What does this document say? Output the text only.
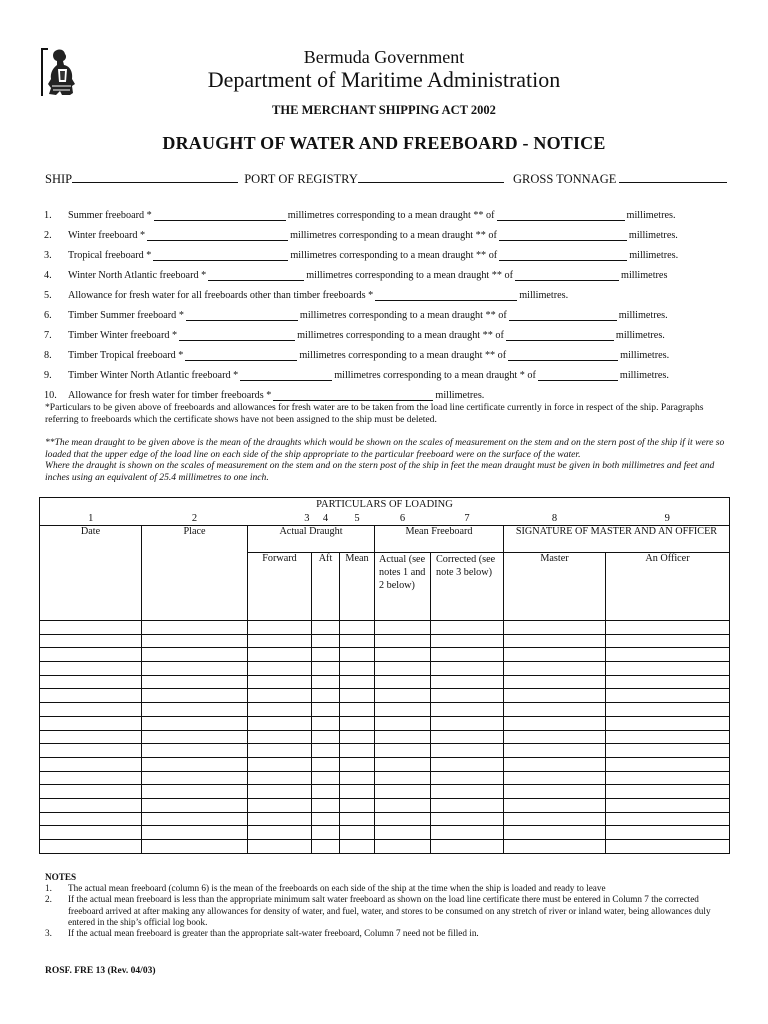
Bermuda Government
Department of Maritime Administration
THE MERCHANT SHIPPING ACT 2002
DRAUGHT OF WATER AND FREEBOARD - NOTICE
SHIP	PORT OF REGISTRY	GROSS TONNAGE
1.	Summer freeboard *	millimetres corresponding to a mean draught ** of	millimetres.
2.	Winter freeboard *	millimetres corresponding to a mean draught ** of	millimetres.
3.	Tropical freeboard *	millimetres corresponding to a mean draught ** of	millimetres.
4.	Winter North Atlantic freeboard *	millimetres corresponding to a mean draught ** of	millimetres
5.	Allowance for fresh water for all freeboards other than timber freeboards *	millimetres.
6.	Timber Summer freeboard *	millimetres corresponding to a mean draught ** of	millimetres.
7.	Timber Winter freeboard *	millimetres corresponding to a mean draught ** of	millimetres.
8.	Timber Tropical freeboard *	millimetres corresponding to a mean draught ** of	millimetres.
9.	Timber Winter North Atlantic freeboard *	millimetres corresponding to a mean draught * of	millimetres.
10.	Allowance for fresh water for timber freeboards *	millimetres.
*Particulars to be given above of freeboards and allowances for fresh water are to be taken from the load line certificate currently in force in respect of the ship. Paragraphs referring to freeboards which the certificate shows have not been assigned to the ship must be deleted.
**The mean draught to be given above is the mean of the draughts which would be shown on the scales of measurement on the stem and on the stern post of the ship if it were so loaded that the upper edge of the load line on each side of the ship appropriate to the particular freeboard were on the surface of the water.
Where the draught is shown on the scales of measurement on the stem and on the stern post of the ship in feet the mean draught must be given in both millimetres and feet and inches using an equivalent of 25.4 millimetres to one inch.
PARTICULARS OF LOADING								
1	2	3	4	5	6	7	8	9
Date	Place	Actual Draught			Mean Freeboard		SIGNATURE OF MASTER AND AN OFFICER	
		Forward	Aft	Mean	Actual (see notes 1 and 2 below)	Corrected (see note 3 below)	Master	An Officer

NOTES
1.	The actual mean freeboard (column 6) is the mean of the freeboards on each side of the ship at the time when the ship is loaded and ready to leave
2.	If the actual mean freeboard is less than the appropriate minimum salt water freeboard as shown on the load line certificate there must be entered in Column 7 the corrected freeboard arrived at after making any allowances for density of water, and fuel, water, and stores to be consumed on any stretch of river or inland water, being allowances duly entered in the ship’s official log book.
3.	If the actual mean freeboard is greater than the appropriate salt-water freeboard, Column 7 need not be filled in.
ROSF. FRE 13 (Rev. 04/03)
